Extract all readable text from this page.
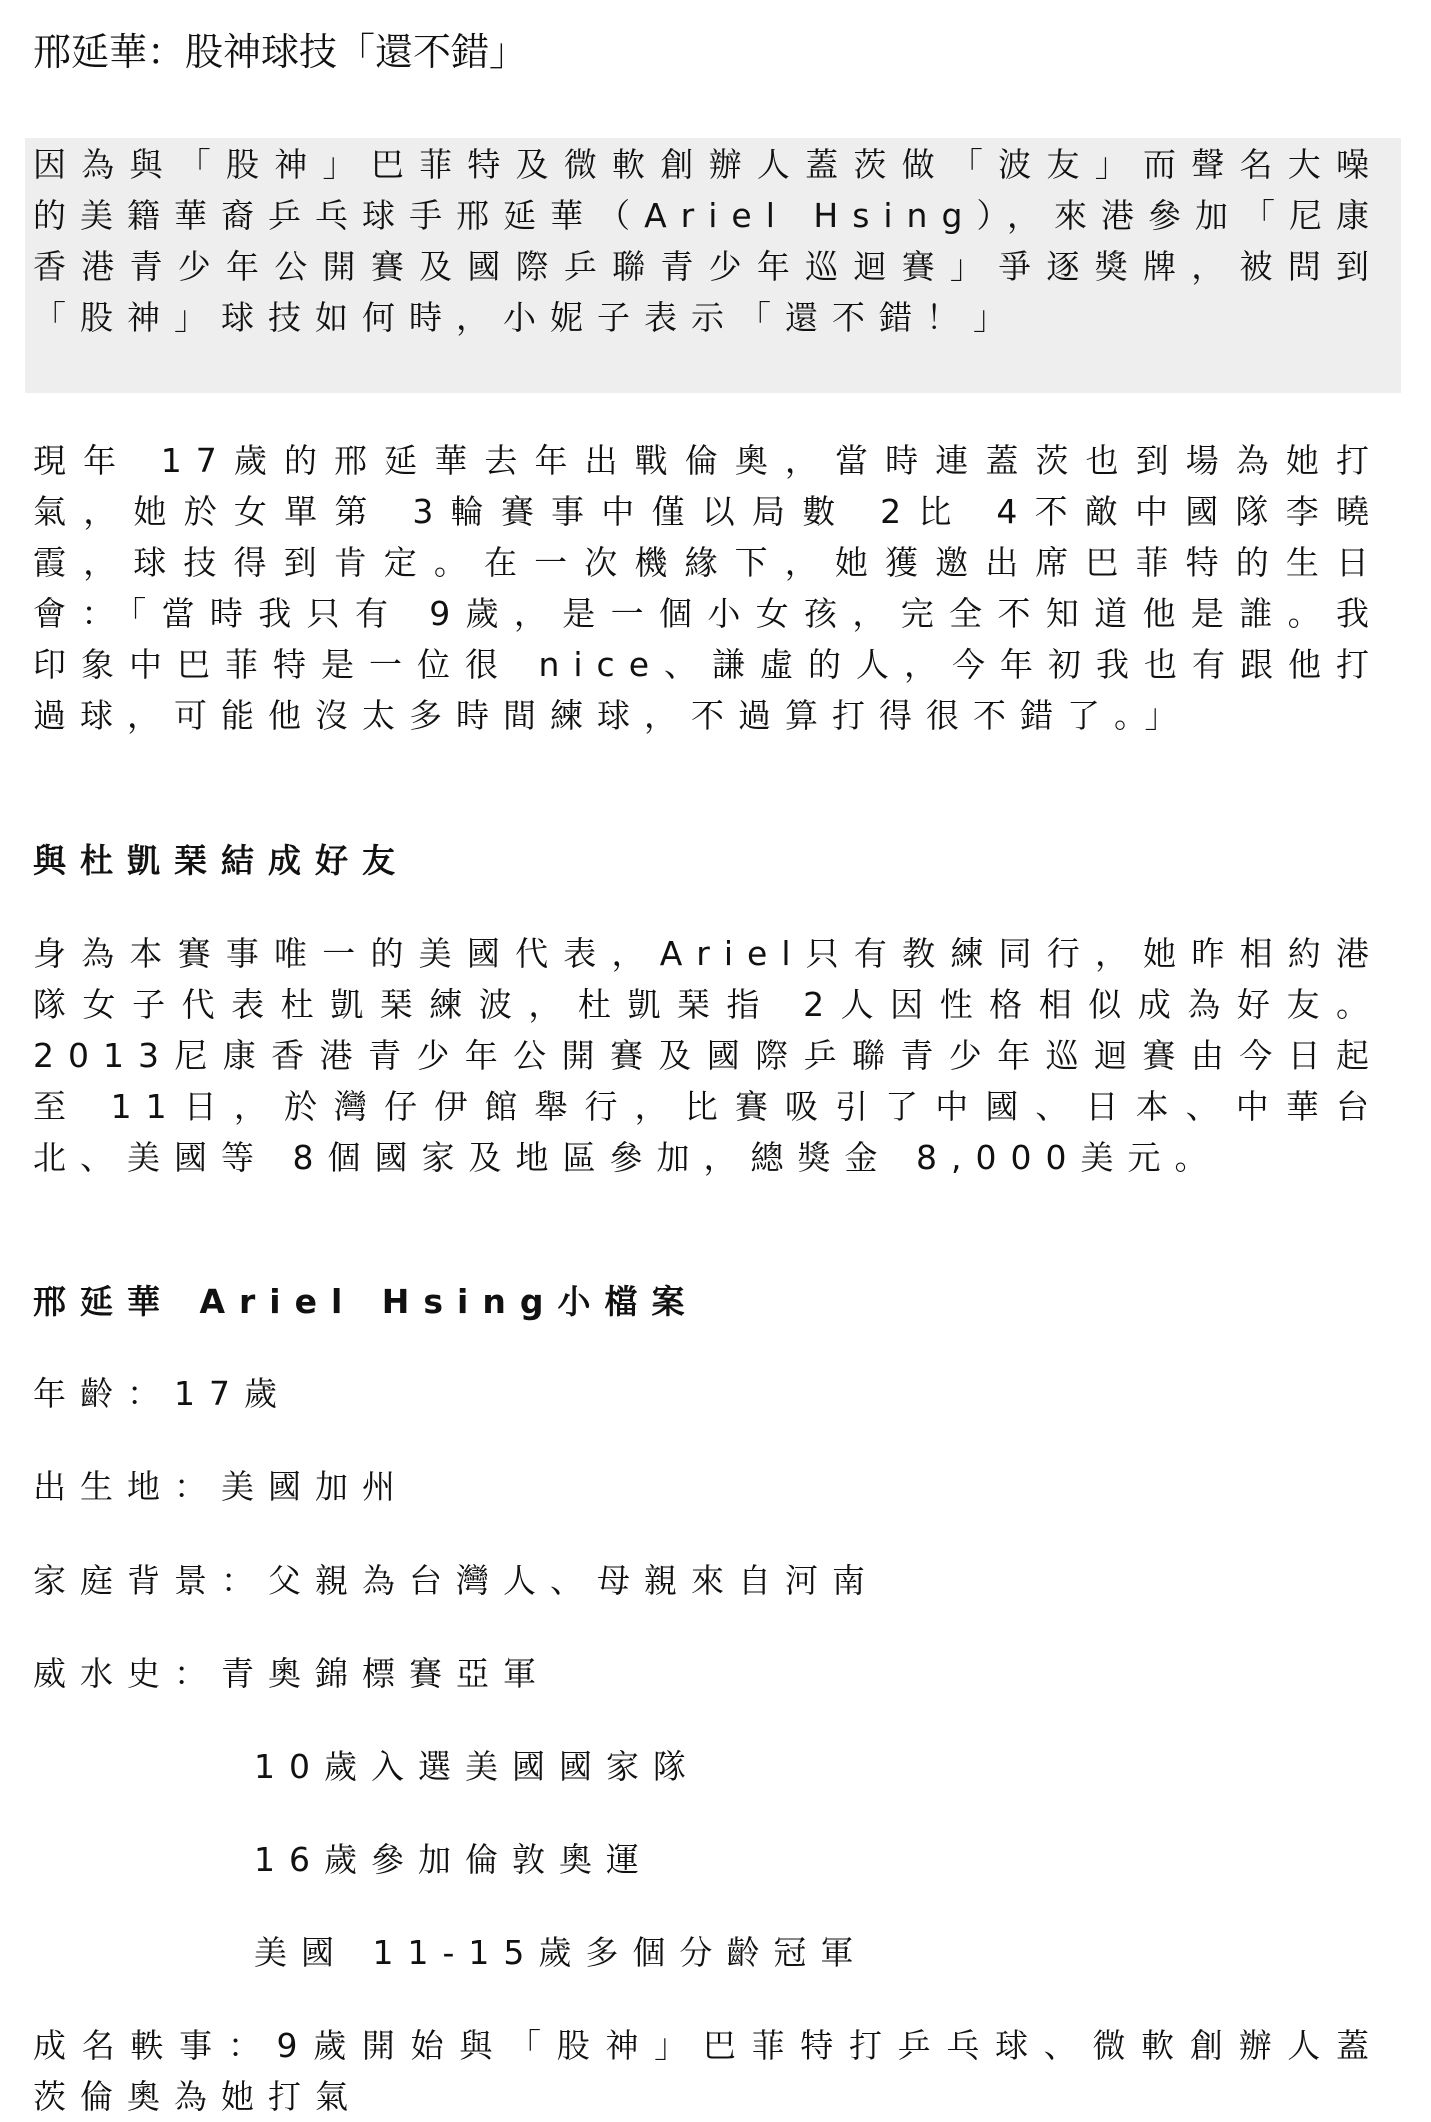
邢延華：股神球技「還不錯」

因為與「股神」巴菲特及微軟創辦人蓋茨做「波友」而聲名大噪的美籍華裔乒乓球手邢延華（Ariel Hsing），來港參加「尼康香港青少年公開賽及國際乒聯青少年巡迴賽」爭逐獎牌，被問到「股神」球技如何時，小妮子表示「還不錯！」

現年 17歲的邢延華去年出戰倫奧，當時連蓋茨也到場為她打氣，她於女單第 3輪賽事中僅以局數 2比 4不敵中國隊李曉霞，球技得到肯定。在一次機緣下，她獲邀出席巴菲特的生日會：「當時我只有 9歲，是一個小女孩，完全不知道他是誰。我印象中巴菲特是一位很 nice、謙虛的人，今年初我也有跟他打過球，可能他沒太多時間練球，不過算打得很不錯了。」

與杜凱琹結成好友

身為本賽事唯一的美國代表，Ariel只有教練同行，她昨相約港隊女子代表杜凱琹練波，杜凱琹指 2人因性格相似成為好友。2013尼康香港青少年公開賽及國際乒聯青少年巡迴賽由今日起至 11日，於灣仔伊館舉行，比賽吸引了中國、日本、中華台北、美國等 8個國家及地區參加，總獎金 8,000美元。

邢延華 Ariel Hsing小檔案
年齡：17歲
出生地：美國加州
家庭背景：父親為台灣人、母親來自河南
威水史：青奧錦標賽亞軍
10歲入選美國國家隊
16歲參加倫敦奧運
美國 11-15歲多個分齡冠軍

成名軼事：9歲開始與「股神」巴菲特打乒乓球、微軟創辦人蓋茨倫奧為她打氣
